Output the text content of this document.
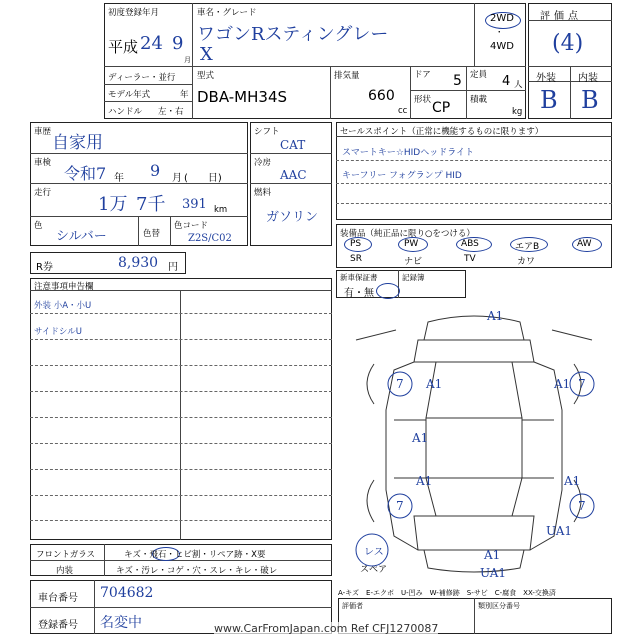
初度登録年月
平成 24 9
月
車名・グレード
ワゴンRスティングレー
X
2WD
・
4WD
ディーラー・並行
モデル年式	年
ハンドル 左・右
型式
DBA-MH34S
排気量
660
cc
ドア 5 定員 4 人
形状 CP 積載
kg
評価点
(4)
外装 内装
B B
車歴
自家用
車検
令和7 年 9 月 (　　日)
走行
1万 7千 391 km
色
シルバー	色替
色コード
Z2S/C02
R券	8,930 円
シフト
CAT
冷房
AAC
燃料
ガソリン
セールスポイント（正常に機能するものに限ります）
スマートキー☆HIDヘッドライト
キーフリー フォグランプ HID
装備品（純正品に限り○をつける）
PS	PW	ABS	エアB	AW
SR	ナビ	TV	カワ
新車保証書
有・無
記録簿
注意事項申告欄
外装 小A・小U
サイドシルU
フロントガラス	キズ・飛石・ヒビ割・リペア跡・X要
内装	キズ・汚レ・コゲ・穴・スレ・キレ・破レ
車台番号 704682
登録番号 名変中
A1
A1
7	A1 7
A1
7
A1
7
A1
UA1
A1
UA1
レス
スペア
A-キズ　E-エクボ　U-凹み　W-補修跡　S-サビ　C-腐食　XX-交換済
評価者	類別区分番号
www.CarFromJapan.com Ref CFJ1270087
